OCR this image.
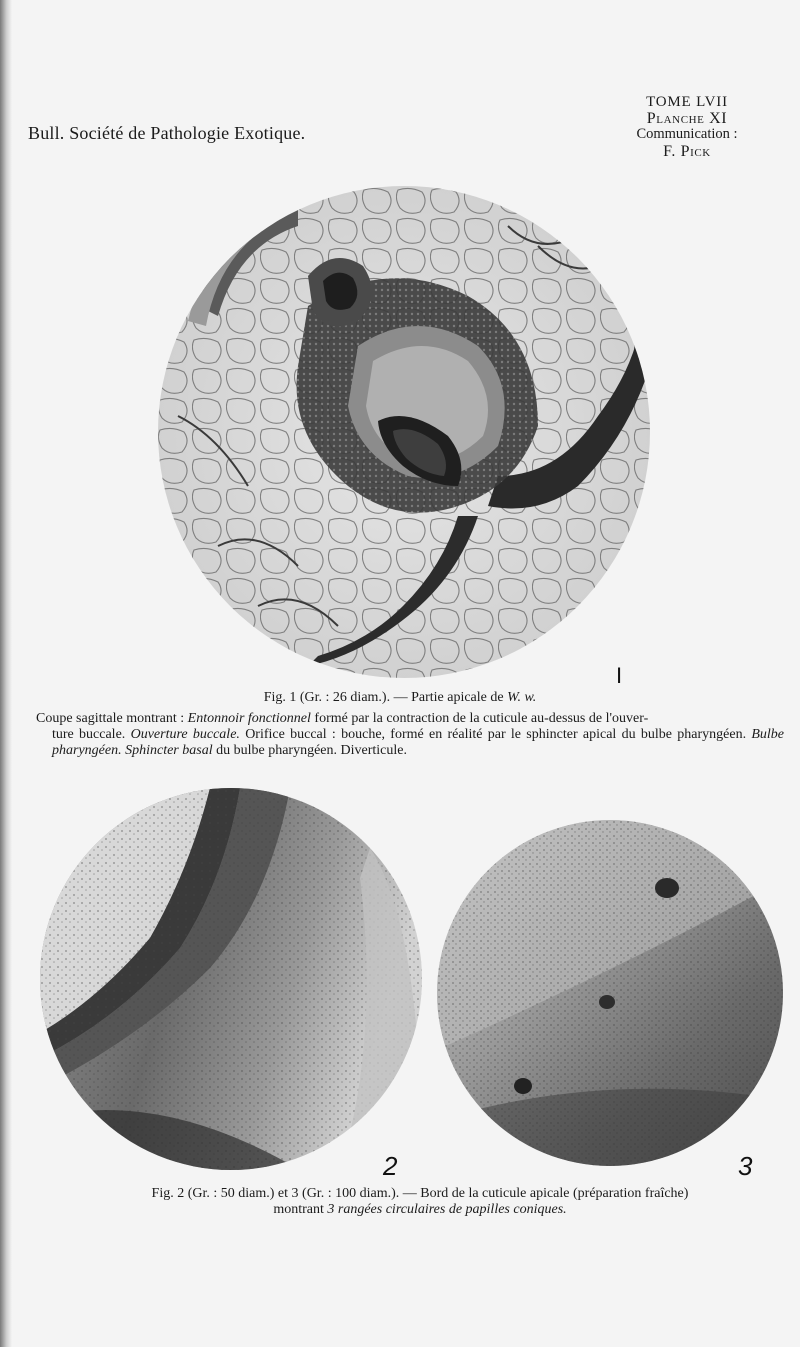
Bull. Société de Pathologie Exotique.
TOME LVII
Planche XI
Communication :
F. Pick
I
Fig. 1 (Gr. : 26 diam.). — Partie apicale de W. w.
Coupe sagittale montrant : Entonnoir fonctionnel formé par la contraction de la cuticule au-dessus de l'ouver-
ture buccale. Ouverture buccale. Orifice buccal : bouche, formé en réalité par le sphincter apical du bulbe pharyngéen. Bulbe pharyngéen. Sphincter basal du bulbe pharyngéen. Diverticule.
2	3
Fig. 2 (Gr. : 50 diam.) et 3 (Gr. : 100 diam.). — Bord de la cuticule apicale (préparation fraîche)
montrant 3 rangées circulaires de papilles coniques.
